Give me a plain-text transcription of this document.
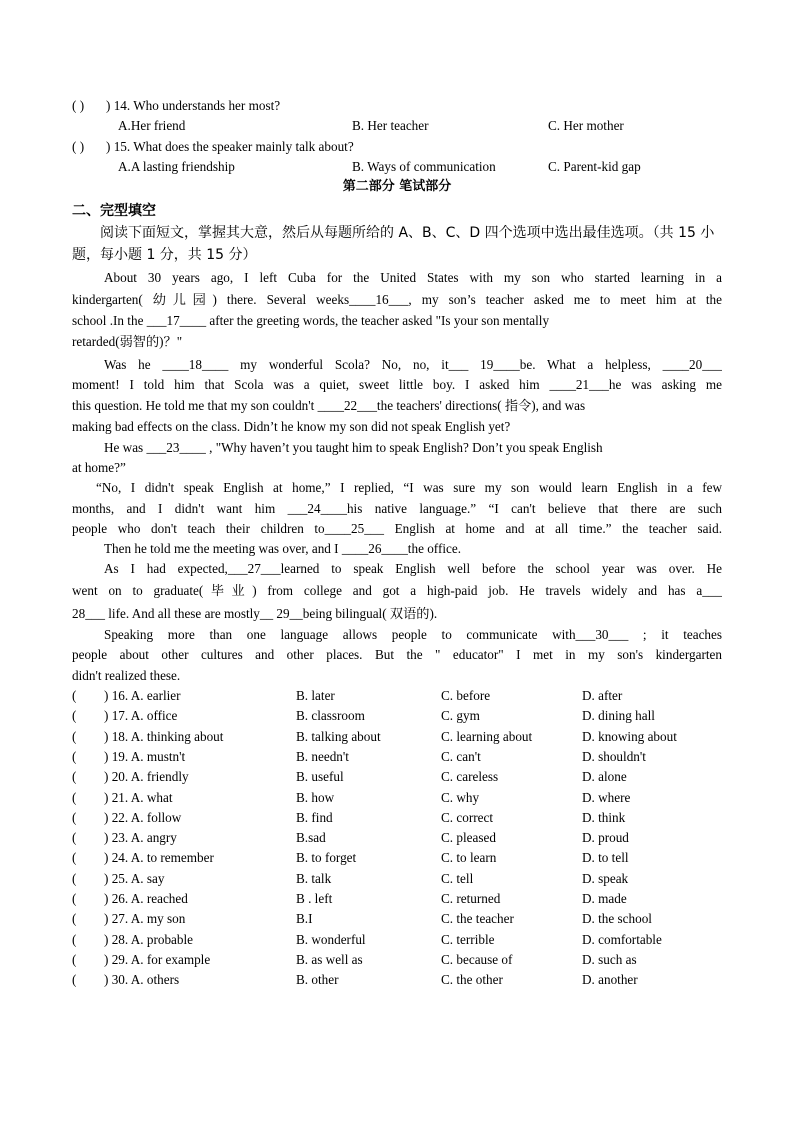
( ) ) 14. Who understands her most?
A.Her friend	B. Her teacher	C. Her mother
( ) ) 15. What does the speaker mainly talk about?
A.A lasting friendship	B. Ways of communication	C. Parent-kid gap
第二部分 笔试部分
二、完型填空
阅读下面短文，掌握其大意，然后从每题所给的 A、B、C、D 四个选项中选出最佳选项。（共 15 小题，每小题 1 分，共 15 分）
About 30 years ago, I left Cuba for the United States with my son who started learning in a
kindergarten( 幼儿园) there. Several weeks____16___, my son’s teacher asked me to meet him at the
school .In the ___17____ after the greeting words, the teacher asked "Is your son mentally
retarded(弱智的)？"
Was he ____18____ my wonderful Scola? No, no, it___ 19____be. What a helpless, ____20___
moment! I told him that Scola was a quiet, sweet little boy. I asked him ____21___he was asking me
this question. He told me that my son couldn't ____22___the teachers' directions( 指令), and was
making bad effects on the class. Didn’t he know my son did not speak English yet?
He was ___23____ , "Why haven’t you taught him to speak English? Don’t you speak English
at home?”
“No, I didn't speak English at home,” I replied, “I was sure my son would learn English in a few
months, and I didn't want him ___24____his native language.” “I can't believe that there are such
people who don't teach their children to____25___ English at home and at all time.” the teacher said.
Then he told me the meeting was over, and I ____26____the office.
As I had expected,___27___learned to speak English well before the school year was over. He
went on to graduate(毕业) from college and got a high-paid job. He travels widely and has a___
28___ life. And all these are mostly__ 29__being bilingual( 双语的).
Speaking more than one language allows people to communicate with___30___ ; it teaches
people about other cultures and other places. But the " educator" I met in my son's kindergarten
didn't realized these.
( ) 16. A. earlier	B. later	C. before	D. after
( ) 17. A. office	B. classroom	C. gym	D. dining hall
( ) 18. A. thinking about	B. talking about	C. learning about	D. knowing about
( ) 19. A. mustn't	B. needn't	C. can't	D. shouldn't
( ) 20. A. friendly	B. useful	C. careless	D. alone
( ) 21. A. what	B. how	C. why	D. where
( ) 22. A. follow	B. find	C. correct	D. think
( ) 23. A. angry	B.sad	C. pleased	D. proud
( ) 24. A. to remember	B. to forget	C. to learn	D. to tell
( ) 25. A. say	B. talk	C. tell	D. speak
( ) 26. A. reached	B . left	C. returned	D. made
( ) 27. A. my son	B.I	C. the teacher	D. the school
( ) 28. A. probable	B. wonderful	C. terrible	D. comfortable
( ) 29. A. for example	B. as well as	C. because of	D. such as
( ) 30. A. others	B. other	C. the other	D. another
